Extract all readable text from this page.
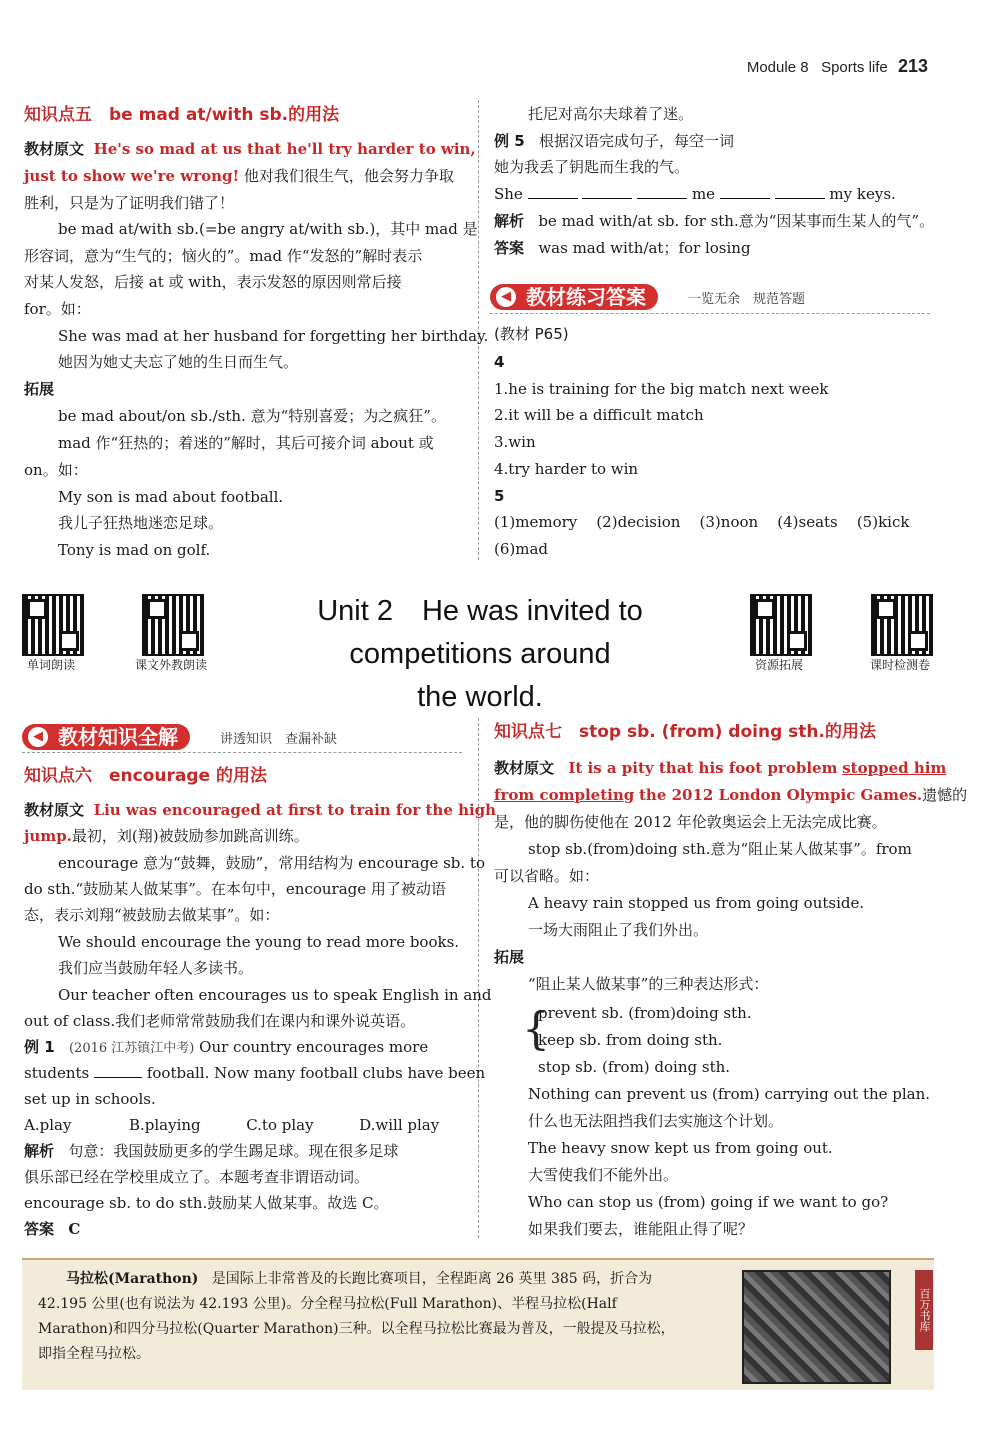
Module 8 Sports life 213
知识点五　be mad at/with sb.的用法
教材原文 He's so mad at us that he'll try harder to win,
just to show we're wrong! 他对我们很生气，他会努力争取
胜利，只是为了证明我们错了！
be mad at/with sb.(=be angry at/with sb.)，其中 mad 是
形容词，意为“生气的；恼火的”。mad 作“发怒的”解时表示
对某人发怒，后接 at 或 with，表示发怒的原因则常后接
for。如：
She was mad at her husband for forgetting her birthday.
她因为她丈夫忘了她的生日而生气。
拓展
be mad about/on sb./sth. 意为“特别喜爱；为之疯狂”。
mad 作“狂热的；着迷的”解时，其后可接介词 about 或
on。如：
My son is mad about football.
我儿子狂热地迷恋足球。
Tony is mad on golf.
托尼对高尔夫球着了迷。
例 5 根据汉语完成句子，每空一词
她为我丢了钥匙而生我的气。
She	me	my keys.
解析 be mad with/at sb. for sth.意为“因某事而生某人的气”。
答案 was mad with/at；for losing
◀ 教材练习答案	一览无余　规范答题
(教材 P65)
4
1.he is training for the big match next week
2.it will be a difficult match
3.win
4.try harder to win
5
(1)memory (2)decision (3)noon (4)seats (5)kick
(6)mad
单词朗读	课文外教朗读	资源拓展	课时检测卷
Unit 2　He was invited to
competitions around
the world.
◀ 教材知识全解	讲透知识　查漏补缺
知识点六　encourage 的用法
教材原文 Liu was encouraged at first to train for the high
jump.最初，刘(翔)被鼓励参加跳高训练。
encourage 意为“鼓舞，鼓励”，常用结构为 encourage sb. to
do sth.“鼓励某人做某事”。在本句中，encourage 用了被动语
态，表示刘翔“被鼓励去做某事”。如：
We should encourage the young to read more books.
我们应当鼓励年轻人多读书。
Our teacher often encourages us to speak English in and
out of class.我们老师常常鼓励我们在课内和课外说英语。
例 1 (2016 江苏镇江中考) Our country encourages more
students	football. Now many football clubs have been
set up in schools.
A.play	B.playing	C.to play	D.will play
解析 句意：我国鼓励更多的学生踢足球。现在很多足球
俱乐部已经在学校里成立了。本题考查非谓语动词。
encourage sb. to do sth.鼓励某人做某事。故选 C。
答案 C
知识点七　stop sb. (from) doing sth.的用法
教材原文 It is a pity that his foot problem stopped him
from completing the 2012 London Olympic Games.遗憾的
是，他的脚伤使他在 2012 年伦敦奥运会上无法完成比赛。
stop sb.(from)doing sth.意为“阻止某人做某事”。from
可以省略。如：
A heavy rain stopped us from going outside.
一场大雨阻止了我们外出。
拓展
“阻止某人做某事”的三种表达形式：
{
prevent sb. (from)doing sth.
keep sb. from doing sth.
stop sb. (from) doing sth.
Nothing can prevent us (from) carrying out the plan.
什么也无法阻挡我们去实施这个计划。
The heavy snow kept us from going out.
大雪使我们不能外出。
Who can stop us (from) going if we want to go?
如果我们要去，谁能阻止得了呢？
马拉松(Marathon) 是国际上非常普及的长跑比赛项目，全程距离 26 英里 385 码，折合为
42.195 公里(也有说法为 42.193 公里)。分全程马拉松(Full Marathon)、半程马拉松(Half
Marathon)和四分马拉松(Quarter Marathon)三种。以全程马拉松比赛最为普及，一般提及马拉松，
即指全程马拉松。
百万书库
